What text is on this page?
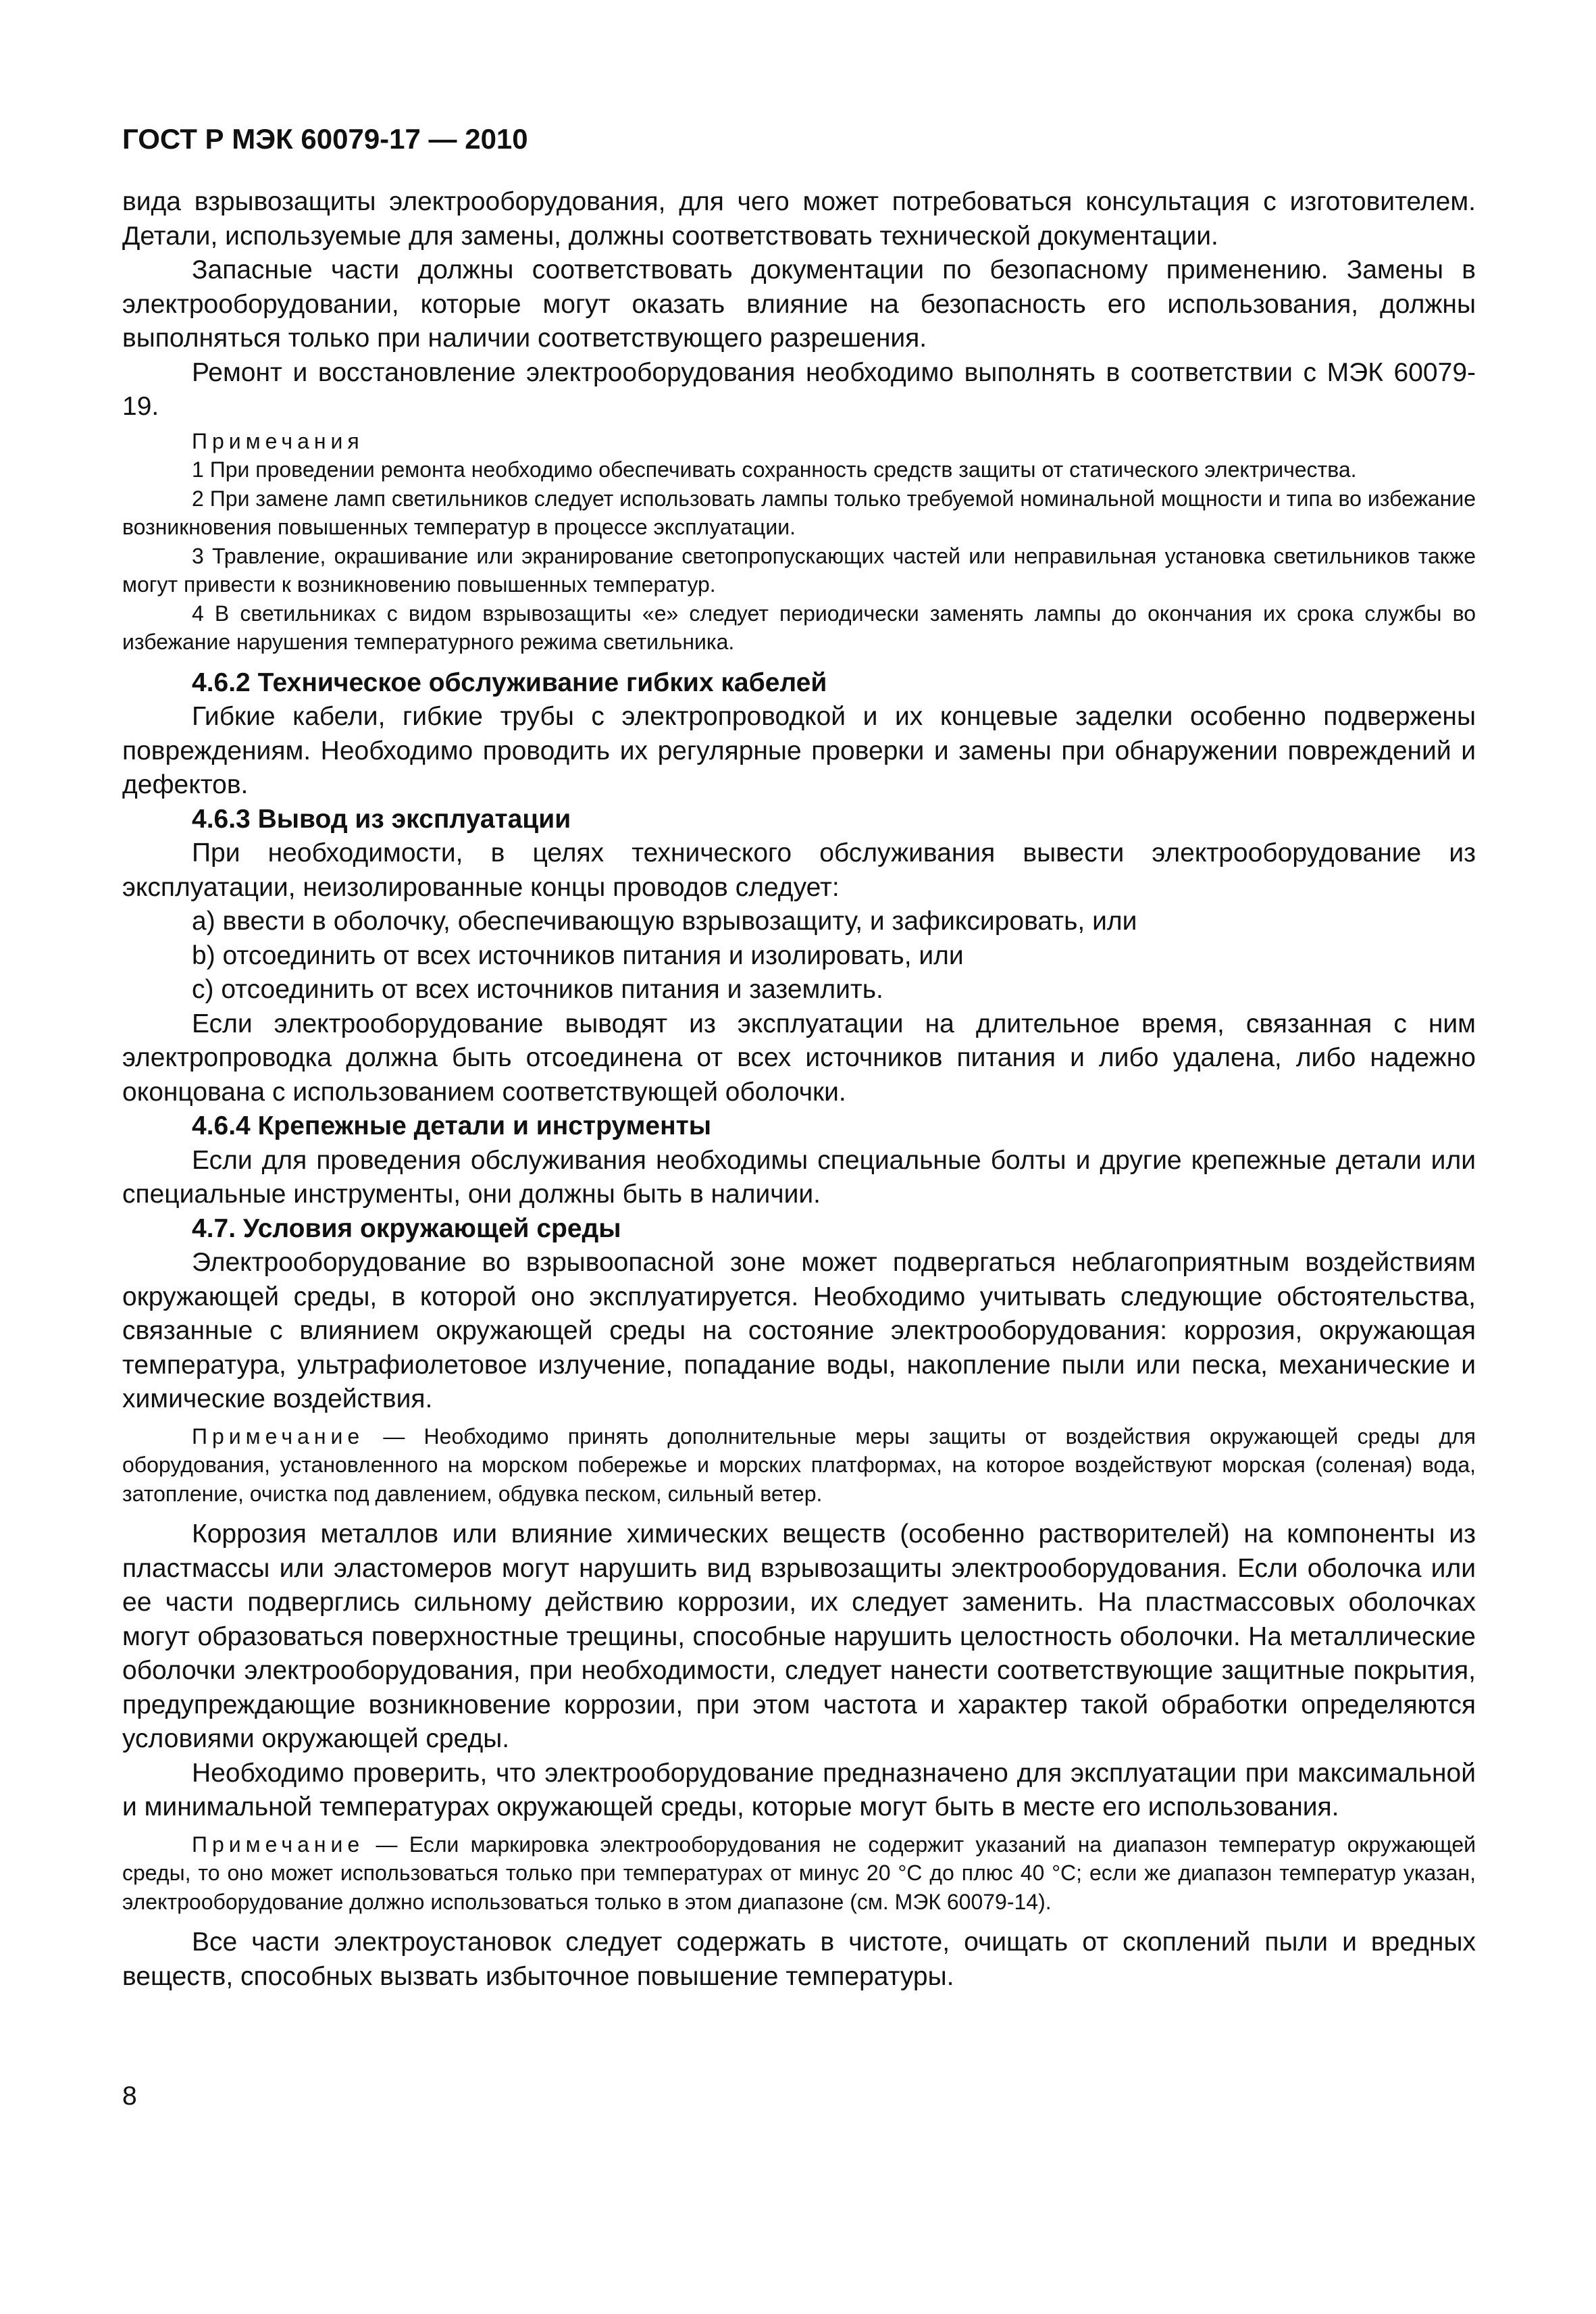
ГОСТ Р МЭК 60079-17 — 2010

вида взрывозащиты электрооборудования, для чего может потребоваться консультация с изготовителем. Детали, используемые для замены, должны соответствовать технической документации.

Запасные части должны соответствовать документации по безопасному применению. Замены в электрооборудовании, которые могут оказать влияние на безопасность его использования, должны выполняться только при наличии соответствующего разрешения.

Ремонт и восстановление электрооборудования необходимо выполнять в соответствии с МЭК 60079-19.

Примечания

1 При проведении ремонта необходимо обеспечивать сохранность средств защиты от статического электричества.

2 При замене ламп светильников следует использовать лампы только требуемой номинальной мощности и типа во избежание возникновения повышенных температур в процессе эксплуатации.

3 Травление, окрашивание или экранирование светопропускающих частей или неправильная установка светильников также могут привести к возникновению повышенных температур.

4 В светильниках с видом взрывозащиты «е» следует периодически заменять лампы до окончания их срока службы во избежание нарушения температурного режима светильника.

4.6.2 Техническое обслуживание гибких кабелей

Гибкие кабели, гибкие трубы с электропроводкой и их концевые заделки особенно подвержены повреждениям. Необходимо проводить их регулярные проверки и замены при обнаружении повреждений и дефектов.

4.6.3 Вывод из эксплуатации

При необходимости, в целях технического обслуживания вывести электрооборудование из эксплуатации, неизолированные концы проводов следует:

а) ввести в оболочку, обеспечивающую взрывозащиту, и зафиксировать, или

b) отсоединить от всех источников питания и изолировать, или

с) отсоединить от всех источников питания и заземлить.

Если электрооборудование выводят из эксплуатации на длительное время, связанная с ним электропроводка должна быть отсоединена от всех источников питания и либо удалена, либо надежно оконцована с использованием соответствующей оболочки.

4.6.4 Крепежные детали и инструменты

Если для проведения обслуживания необходимы специальные болты и другие крепежные детали или специальные инструменты, они должны быть в наличии.

4.7. Условия окружающей среды

Электрооборудование во взрывоопасной зоне может подвергаться неблагоприятным воздействиям окружающей среды, в которой оно эксплуатируется. Необходимо учитывать следующие обстоятельства, связанные с влиянием окружающей среды на состояние электрооборудования: коррозия, окружающая температура, ультрафиолетовое излучение, попадание воды, накопление пыли или песка, механические и химические воздействия.

Примечание — Необходимо принять дополнительные меры защиты от воздействия окружающей среды для оборудования, установленного на морском побережье и морских платформах, на которое воздействуют морская (соленая) вода, затопление, очистка под давлением, обдувка песком, сильный ветер.

Коррозия металлов или влияние химических веществ (особенно растворителей) на компоненты из пластмассы или эластомеров могут нарушить вид взрывозащиты электрооборудования. Если оболочка или ее части подверглись сильному действию коррозии, их следует заменить. На пластмассовых оболочках могут образоваться поверхностные трещины, способные нарушить целостность оболочки. На металлические оболочки электрооборудования, при необходимости, следует нанести соответствующие защитные покрытия, предупреждающие возникновение коррозии, при этом частота и характер такой обработки определяются условиями окружающей среды.

Необходимо проверить, что электрооборудование предназначено для эксплуатации при максимальной и минимальной температурах окружающей среды, которые могут быть в месте его использования.

Примечание — Если маркировка электрооборудования не содержит указаний на диапазон температур окружающей среды, то оно может использоваться только при температурах от минус 20 °С до плюс 40 °С; если же диапазон температур указан, электрооборудование должно использоваться только в этом диапазоне (см. МЭК 60079-14).

Все части электроустановок следует содержать в чистоте, очищать от скоплений пыли и вредных веществ, способных вызвать избыточное повышение температуры.

8
